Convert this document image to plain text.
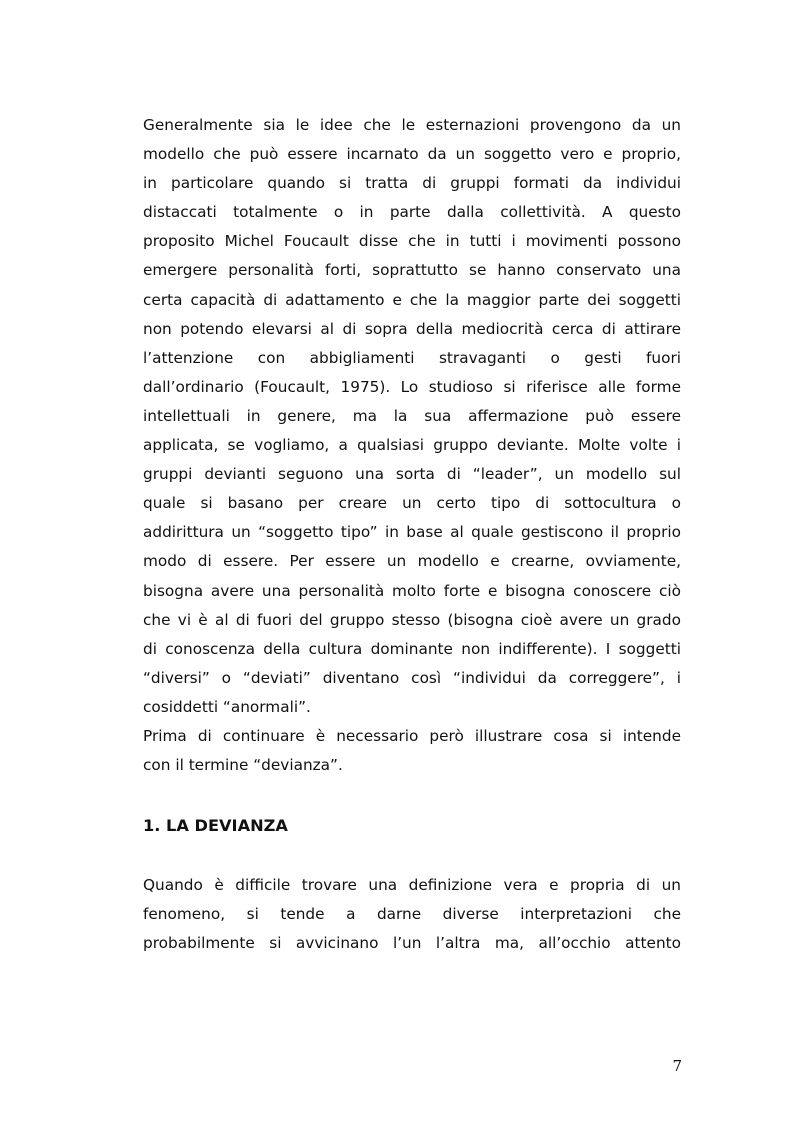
Generalmente sia le idee che le esternazioni provengono da un
modello che può essere incarnato da un soggetto vero e proprio,
in particolare quando si tratta di gruppi formati da individui
distaccati totalmente o in parte dalla collettività. A questo
proposito Michel Foucault disse che in tutti i movimenti possono
emergere personalità forti, soprattutto se hanno conservato una
certa capacità di adattamento e che la maggior parte dei soggetti
non potendo elevarsi al di sopra della mediocrità cerca di attirare
l’attenzione con abbigliamenti stravaganti o gesti fuori
dall’ordinario (Foucault, 1975). Lo studioso si riferisce alle forme
intellettuali in genere, ma la sua affermazione può essere
applicata, se vogliamo, a qualsiasi gruppo deviante. Molte volte i
gruppi devianti seguono una sorta di “leader”, un modello sul
quale si basano per creare un certo tipo di sottocultura o
addirittura un “soggetto tipo” in base al quale gestiscono il proprio
modo di essere. Per essere un modello e crearne, ovviamente,
bisogna avere una personalità molto forte e bisogna conoscere ciò
che vi è al di fuori del gruppo stesso (bisogna cioè avere un grado
di conoscenza della cultura dominante non indifferente). I soggetti
“diversi” o “deviati” diventano così “individui da correggere”, i
cosiddetti “anormali”.
Prima di continuare è necessario però illustrare cosa si intende
con il termine “devianza”.
1. LA DEVIANZA
Quando è difficile trovare una definizione vera e propria di un
fenomeno, si tende a darne diverse interpretazioni che
probabilmente si avvicinano l’un l’altra ma, all’occhio attento
7
